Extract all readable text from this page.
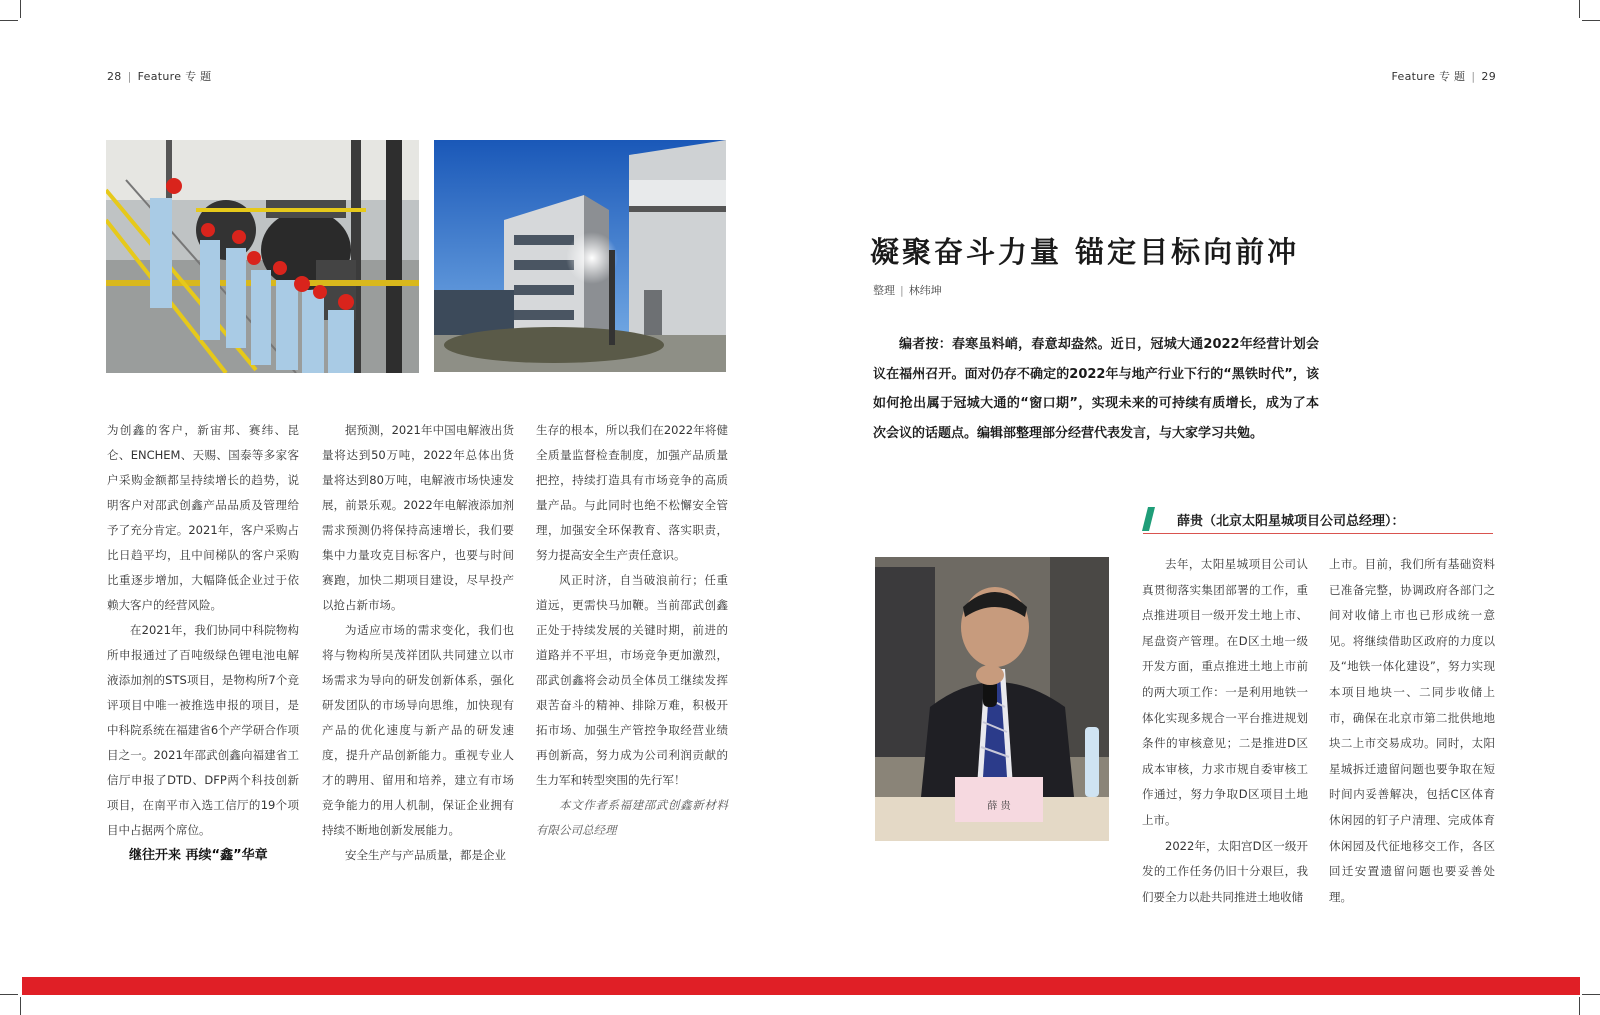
28 | Feature 专 题	Feature 专 题 | 29

为创鑫的客户，新宙邦、赛纬、昆仑、ENCHEM、天赐、国泰等多家客户采购金额都呈持续增长的趋势，说明客户对邵武创鑫产品品质及管理给予了充分肯定。2021年，客户采购占比日趋平均，且中间梯队的客户采购比重逐步增加，大幅降低企业过于依赖大客户的经营风险。

在2021年，我们协同中科院物构所申报通过了百吨级绿色锂电池电解液添加剂的STS项目，是物构所7个竞评项目中唯一被推选申报的项目，是中科院系统在福建省6个产学研合作项目之一。2021年邵武创鑫向福建省工信厅申报了DTD、DFP两个科技创新项目，在南平市入选工信厅的19个项目中占据两个席位。

继往开来 再续“鑫”华章

据预测，2021年中国电解液出货量将达到50万吨，2022年总体出货量将达到80万吨，电解液市场快速发展，前景乐观。2022年电解液添加剂需求预测仍将保持高速增长，我们要集中力量攻克目标客户，也要与时间赛跑，加快二期项目建设，尽早投产以抢占新市场。

为适应市场的需求变化，我们也将与物构所吴茂祥团队共同建立以市场需求为导向的研发创新体系，强化研发团队的市场导向思维，加快现有产品的优化速度与新产品的研发速度，提升产品创新能力。重视专业人才的聘用、留用和培养，建立有市场竞争能力的用人机制，保证企业拥有持续不断地创新发展能力。

安全生产与产品质量，都是企业

生存的根本，所以我们在2022年将健全质量监督检查制度，加强产品质量把控，持续打造具有市场竞争的高质量产品。与此同时也绝不松懈安全管理，加强安全环保教育、落实职责，努力提高安全生产责任意识。

风正时济，自当破浪前行；任重道远，更需快马加鞭。当前邵武创鑫正处于持续发展的关键时期，前进的道路并不平坦，市场竞争更加激烈，邵武创鑫将会动员全体员工继续发挥艰苦奋斗的精神、排除万难，积极开拓市场、加强生产管控争取经营业绩再创新高，努力成为公司利润贡献的生力军和转型突围的先行军！

本文作者系福建邵武创鑫新材料有限公司总经理

凝聚奋斗力量 锚定目标向前冲
整理 | 林纬坤

编者按：春寒虽料峭，春意却盎然。近日，冠城大通2022年经营计划会议在福州召开。面对仍存不确定的2022年与地产行业下行的“黑铁时代”，该如何抢出属于冠城大通的“窗口期”，实现未来的可持续有质增长，成为了本次会议的话题点。编辑部整理部分经营代表发言，与大家学习共勉。

薛贵（北京太阳星城项目公司总经理）：
薛 贵

去年，太阳星城项目公司认真贯彻落实集团部署的工作，重点推进项目一级开发土地上市、尾盘资产管理。在D区土地一级开发方面，重点推进土地上市前的两大项工作：一是利用地铁一体化实现多规合一平台推进规划条件的审核意见；二是推进D区成本审核，力求市规自委审核工作通过，努力争取D区项目土地上市。

2022年，太阳宫D区一级开发的工作任务仍旧十分艰巨，我们要全力以赴共同推进土地收储

上市。目前，我们所有基础资料已准备完整，协调政府各部门之间对收储上市也已形成统一意见。将继续借助区政府的力度以及“地铁一体化建设”，努力实现本项目地块一、二同步收储上市，确保在北京市第二批供地地块二上市交易成功。同时，太阳星城拆迁遗留问题也要争取在短时间内妥善解决，包括C区体育休闲园的钉子户清理、完成体育休闲园及代征地移交工作，各区回迁安置遗留问题也要妥善处理。
